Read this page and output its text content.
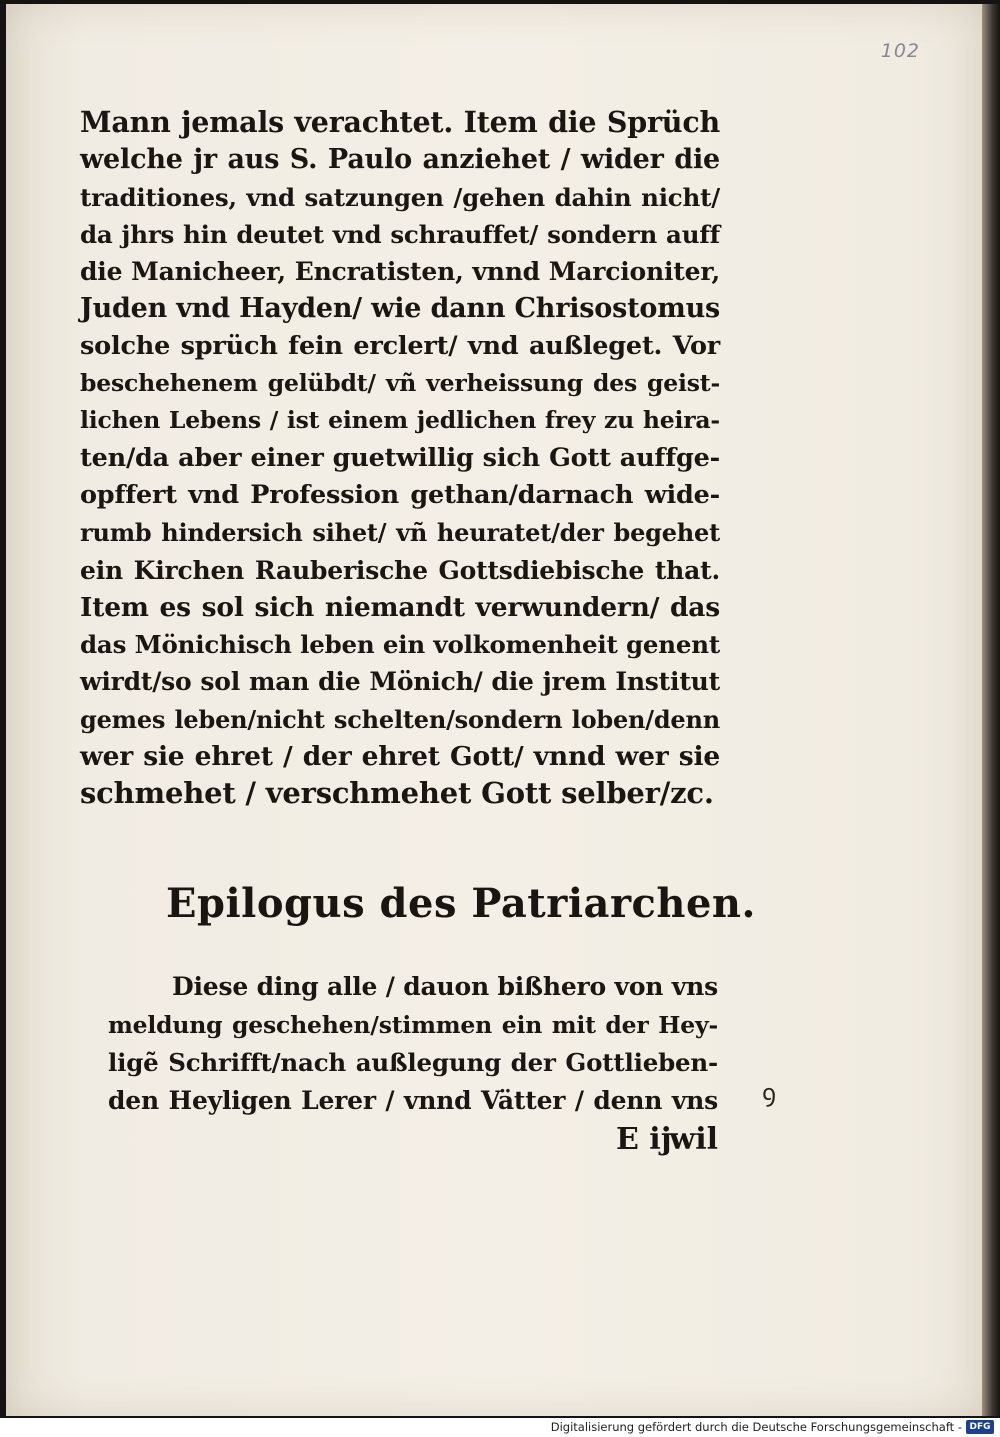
102
Mann jemals verachtet. Item die Sprüch
welche jr aus S. Paulo anziehet / wider die
traditiones, vnd satzungen /gehen dahin nicht/
da jhrs hin deutet vnd schrauffet/ sondern auff
die Manicheer, Encratisten, vnnd Marcioniter,
Juden vnd Hayden/ wie dann Chrisostomus
solche sprüch fein erclert/ vnd außleget. Vor
beschehenem gelübdt/ vñ verheissung des geist-
lichen Lebens / ist einem jedlichen frey zu heira-
ten/da aber einer guetwillig sich Gott auffge-
opffert vnd Profession gethan/darnach wide-
rumb hindersich sihet/ vñ heuratet/der begehet
ein Kirchen Rauberische Gottsdiebische that.
Item es sol sich niemandt verwundern/ das
das Mönichisch leben ein volkomenheit genent
wirdt/so sol man die Mönich/ die jrem Institut
gemes leben/nicht schelten/sondern loben/denn
wer sie ehret / der ehret Gott/ vnnd wer sie
schmehet / verschmehet Gott selber/zc.
Epilogus des Patriarchen.
Diese ding alle / dauon bißhero von vns
meldung geschehen/stimmen ein mit der Hey-
ligẽ Schrifft/nach außlegung der Gottlieben-
den Heyligen Lerer / vnnd Vätter / denn vns
E ij
wil
ꝯ
Digitalisierung gefördert durch die Deutsche Forschungsgemeinschaft - DFG
